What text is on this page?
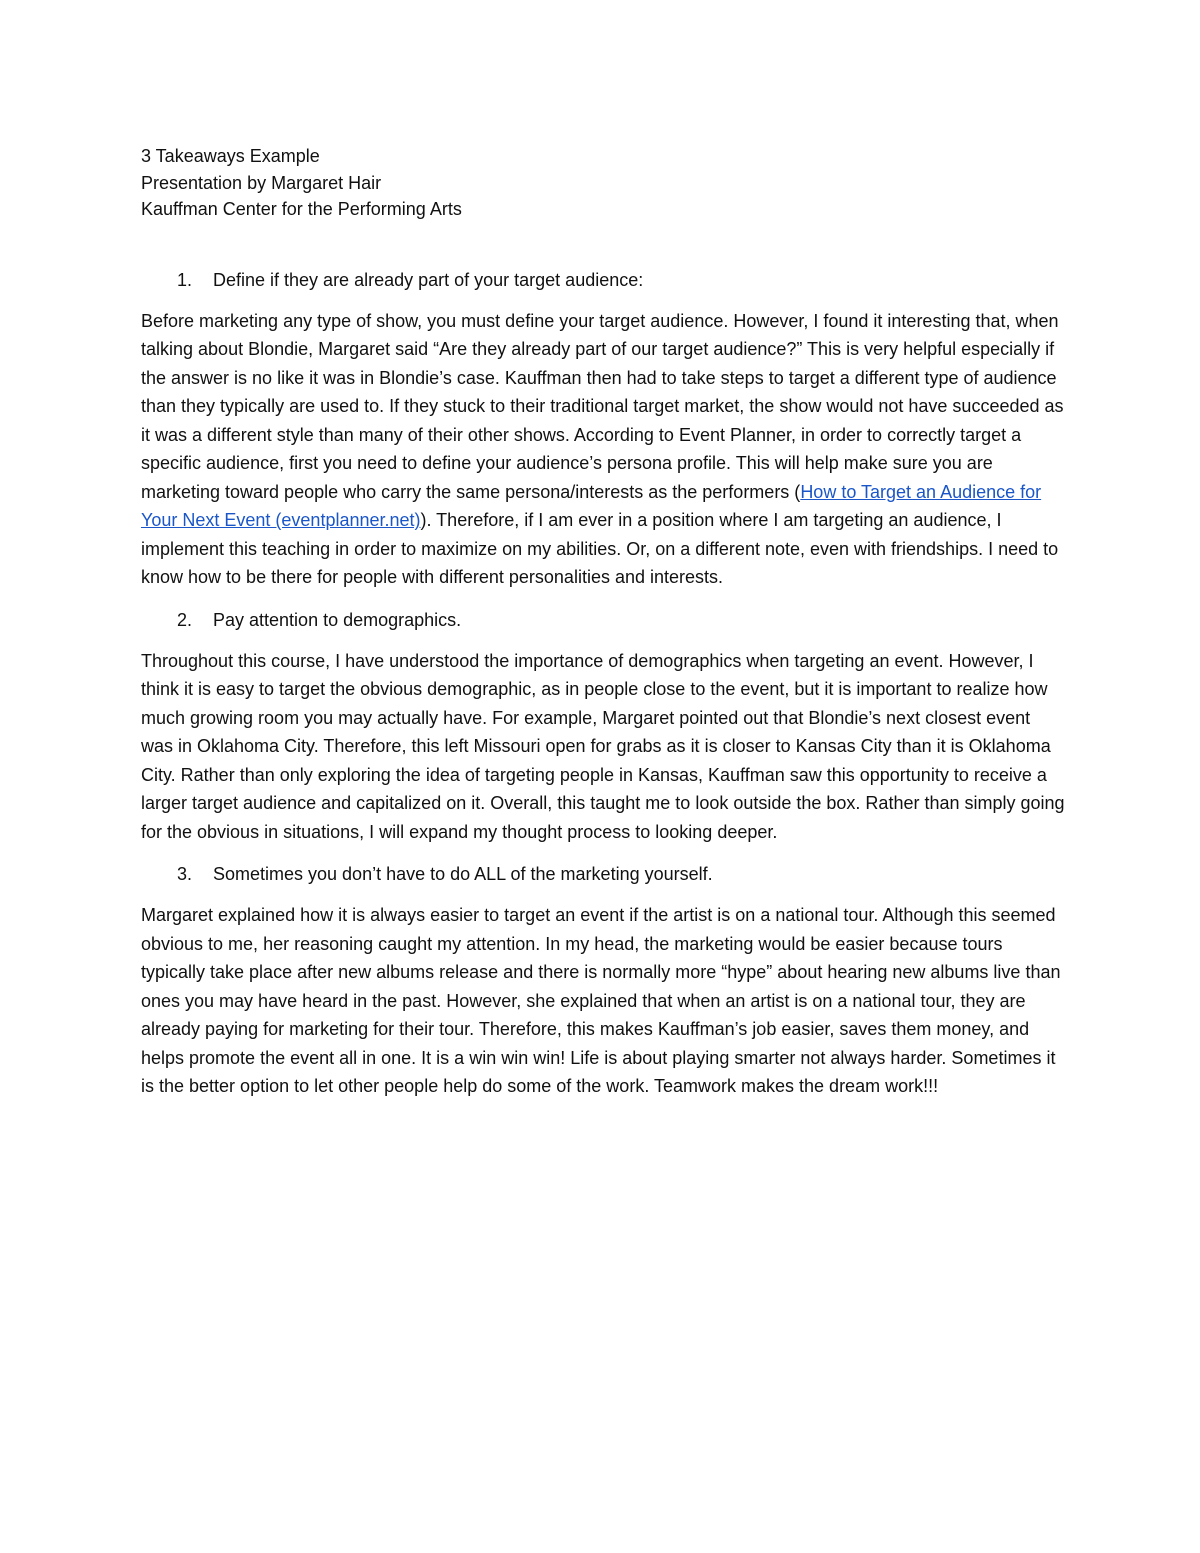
3 Takeaways Example

Presentation by Margaret Hair

Kauffman Center for the Performing Arts

1.	Define if they are already part of your target audience:

Before marketing any type of show, you must define your target audience. However, I found it interesting that, when talking about Blondie, Margaret said “Are they already part of our target audience?” This is very helpful especially if the answer is no like it was in Blondie’s case. Kauffman then had to take steps to target a different type of audience than they typically are used to. If they stuck to their traditional target market, the show would not have succeeded as it was a different style than many of their other shows. According to Event Planner, in order to correctly target a specific audience, first you need to define your audience’s persona profile. This will help make sure you are marketing toward people who carry the same persona/interests as the performers (How to Target an Audience for Your Next Event (eventplanner.net)). Therefore, if I am ever in a position where I am targeting an audience, I implement this teaching in order to maximize on my abilities. Or, on a different note, even with friendships. I need to know how to be there for people with different personalities and interests.

2.	Pay attention to demographics.

Throughout this course, I have understood the importance of demographics when targeting an event. However, I think it is easy to target the obvious demographic, as in people close to the event, but it is important to realize how much growing room you may actually have. For example, Margaret pointed out that Blondie’s next closest event was in Oklahoma City. Therefore, this left Missouri open for grabs as it is closer to Kansas City than it is Oklahoma City. Rather than only exploring the idea of targeting people in Kansas, Kauffman saw this opportunity to receive a larger target audience and capitalized on it. Overall, this taught me to look outside the box. Rather than simply going for the obvious in situations, I will expand my thought process to looking deeper.

3.	Sometimes you don’t have to do ALL of the marketing yourself.

Margaret explained how it is always easier to target an event if the artist is on a national tour. Although this seemed obvious to me, her reasoning caught my attention. In my head, the marketing would be easier because tours typically take place after new albums release and there is normally more “hype” about hearing new albums live than ones you may have heard in the past. However, she explained that when an artist is on a national tour, they are already paying for marketing for their tour. Therefore, this makes Kauffman’s job easier, saves them money, and helps promote the event all in one. It is a win win win! Life is about playing smarter not always harder. Sometimes it is the better option to let other people help do some of the work. Teamwork makes the dream work!!!
